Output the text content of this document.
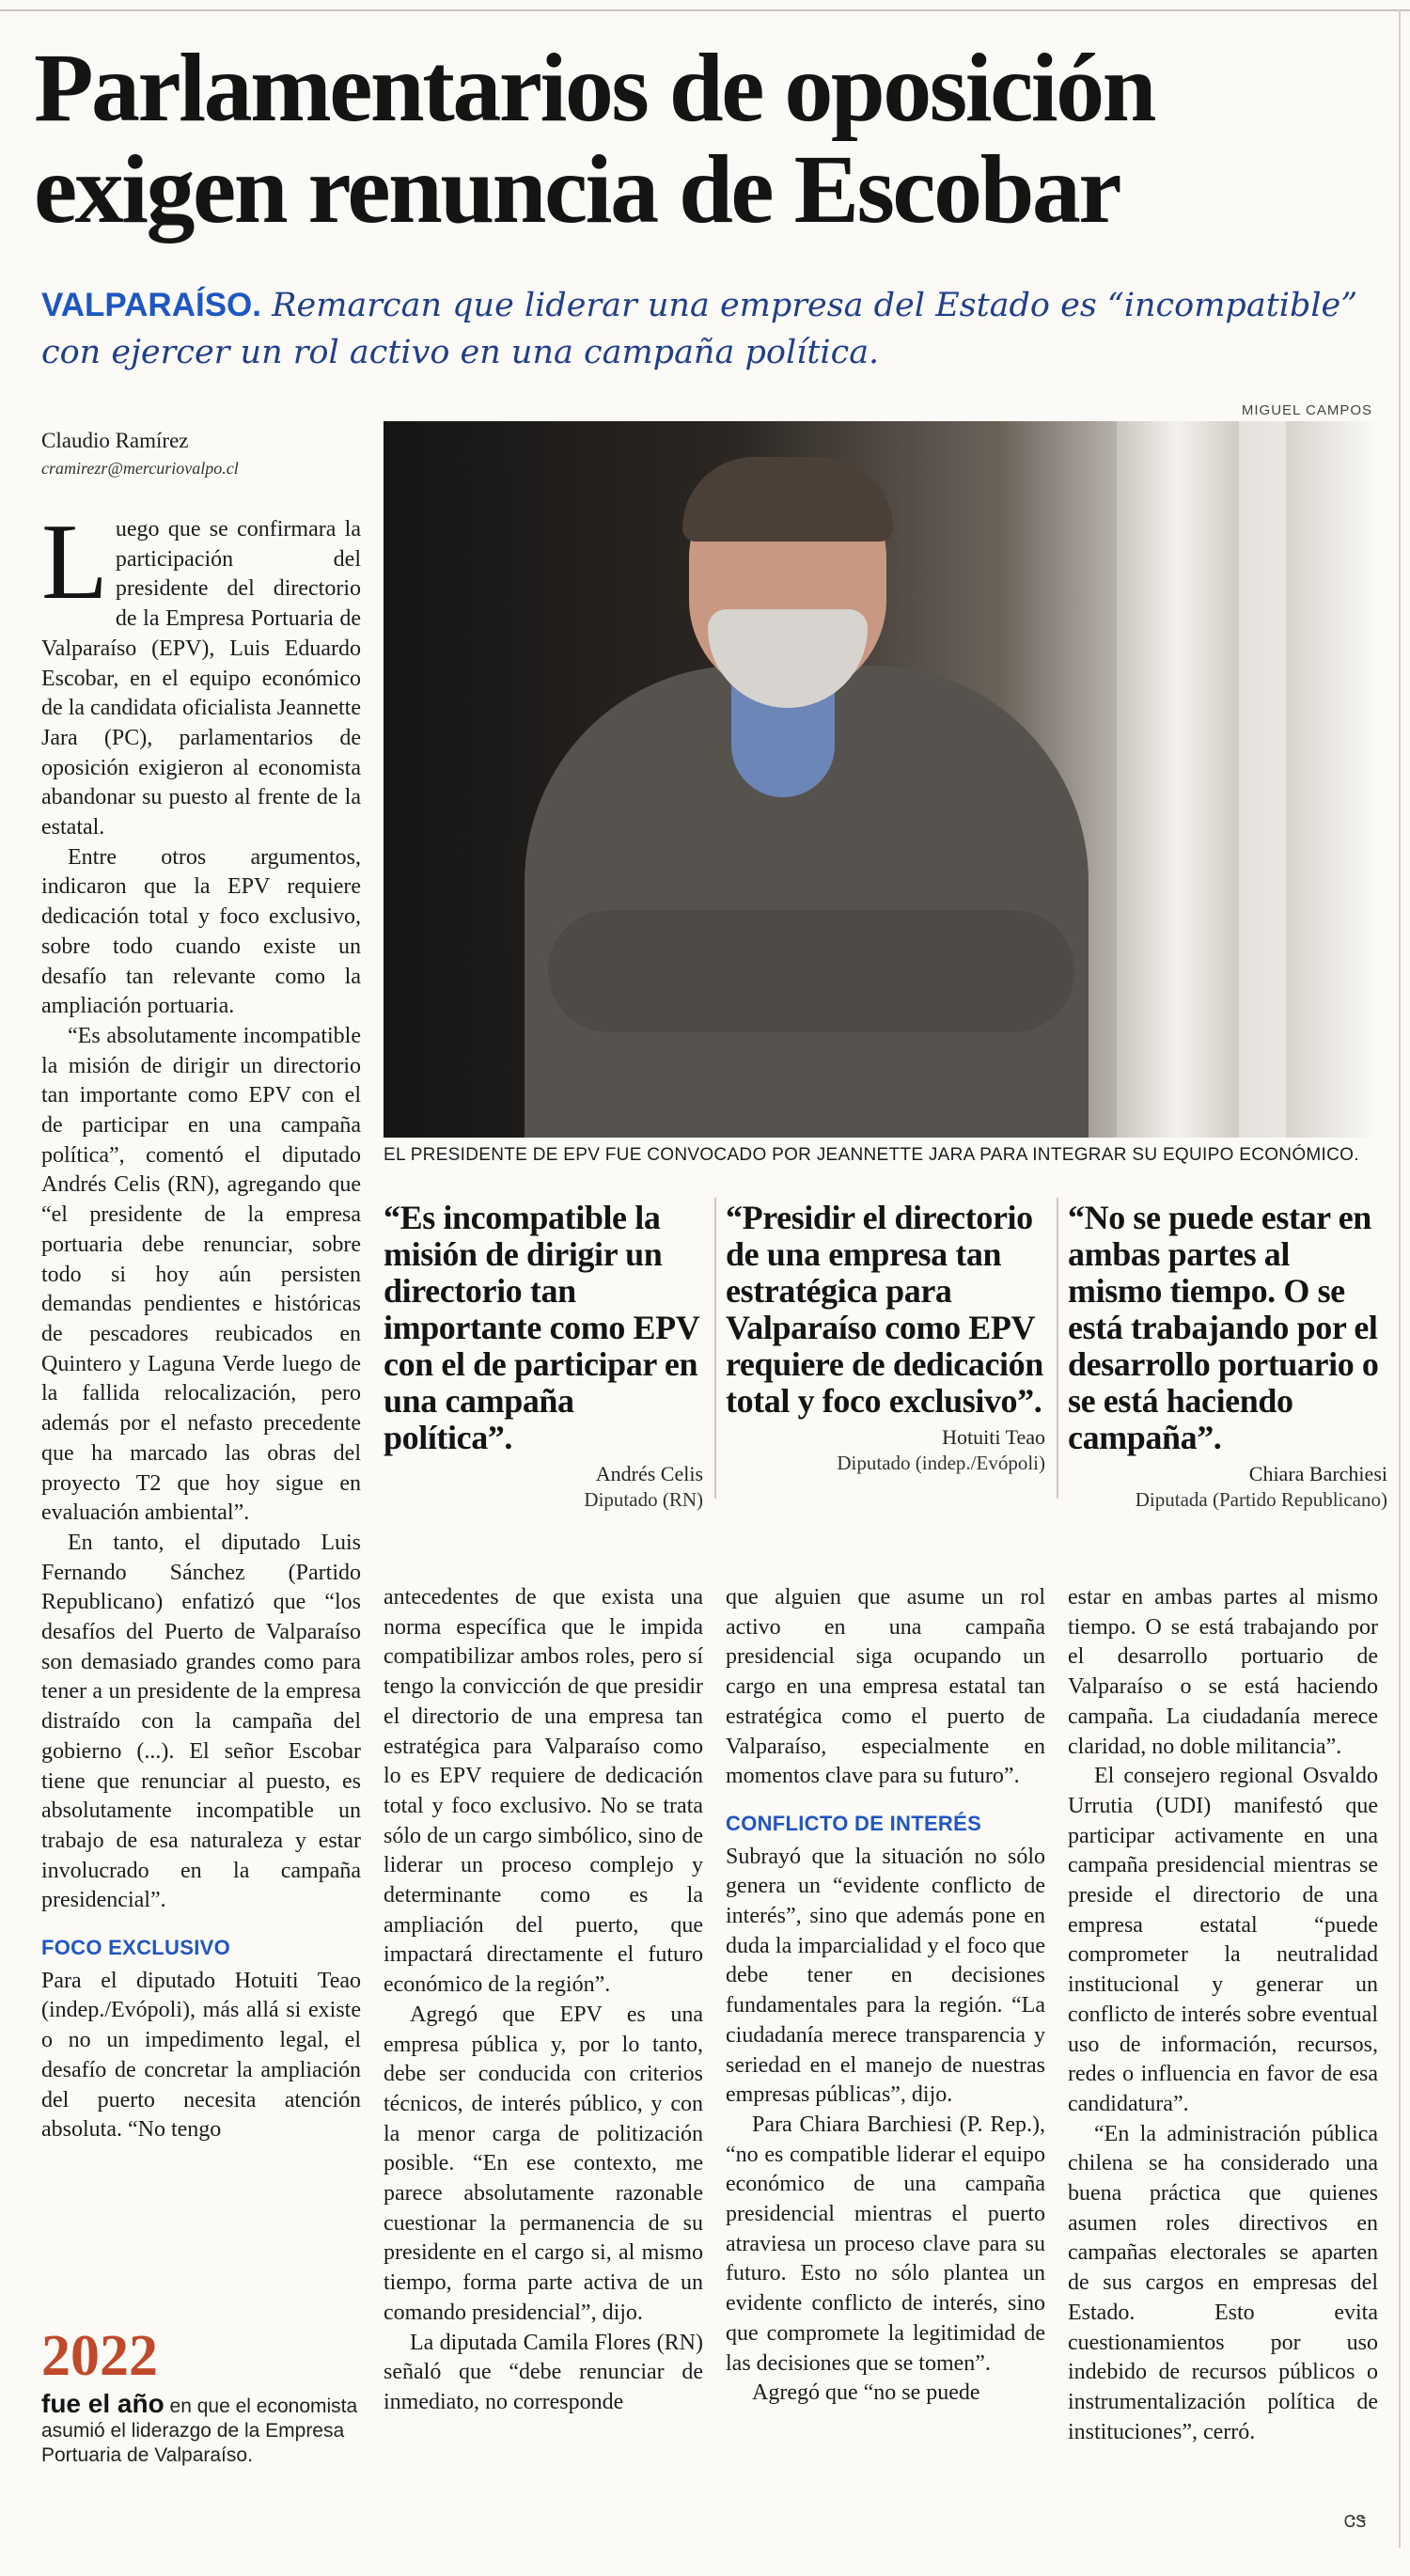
Parlamentarios de oposición exigen renuncia de Escobar
VALPARAÍSO. Remarcan que liderar una empresa del Estado es “incompatible” con ejercer un rol activo en una campaña política.
Claudio Ramírez
cramirezr@mercuriovalpo.cl
MIGUEL CAMPOS
EL PRESIDENTE DE EPV FUE CONVOCADO POR JEANNETTE JARA PARA INTEGRAR SU EQUIPO ECONÓMICO.

Luego que se confirmara la participación del presidente del directorio de la Empresa Portuaria de Valparaíso (EPV), Luis Eduardo Escobar, en el equipo económico de la candidata oficialista Jeannette Jara (PC), parlamentarios de oposición exigieron al economista abandonar su puesto al frente de la estatal.

Entre otros argumentos, indicaron que la EPV requiere dedicación total y foco exclusivo, sobre todo cuando existe un desafío tan relevante como la ampliación portuaria.

“Es absolutamente incompatible la misión de dirigir un directorio tan importante como EPV con el de participar en una campaña política”, comentó el diputado Andrés Celis (RN), agregando que “el presidente de la empresa portuaria debe renunciar, sobre todo si hoy aún persisten demandas pendientes e históricas de pescadores reubicados en Quintero y Laguna Verde luego de la fallida relocalización, pero además por el nefasto precedente que ha marcado las obras del proyecto T2 que hoy sigue en evaluación ambiental”.

En tanto, el diputado Luis Fernando Sánchez (Partido Republicano) enfatizó que “los desafíos del Puerto de Valparaíso son demasiado grandes como para tener a un presidente de la empresa distraído con la campaña del gobierno (...). El señor Escobar tiene que renunciar al puesto, es absolutamente incompatible un trabajo de esa naturaleza y estar involucrado en la campaña presidencial”.

FOCO EXCLUSIVO

Para el diputado Hotuiti Teao (indep./Evópoli), más allá si existe o no un impedimento legal, el desafío de concretar la ampliación del puerto necesita atención absoluta. “No tengo

“Es incompatible la misión de dirigir un directorio tan importante como EPV con el de participar en una campaña política”.
Andrés Celis
Diputado (RN)
“Presidir el directorio de una empresa tan estratégica para Valparaíso como EPV requiere de dedicación total y foco exclusivo”.
Hotuiti Teao
Diputado (indep./Evópoli)
“No se puede estar en ambas partes al mismo tiempo. O se está trabajando por el desarrollo portuario o se está haciendo campaña”.
Chiara Barchiesi
Diputada (Partido Republicano)

antecedentes de que exista una norma específica que le impida compatibilizar ambos roles, pero sí tengo la convicción de que presidir el directorio de una empresa tan estratégica para Valparaíso como lo es EPV requiere de dedicación total y foco exclusivo. No se trata sólo de un cargo simbólico, sino de liderar un proceso complejo y determinante como es la ampliación del puerto, que impactará directamente el futuro económico de la región”.

Agregó que EPV es una empresa pública y, por lo tanto, debe ser conducida con criterios técnicos, de interés público, y con la menor carga de politización posible. “En ese contexto, me parece absolutamente razonable cuestionar la permanencia de su presidente en el cargo si, al mismo tiempo, forma parte activa de un comando presidencial”, dijo.

La diputada Camila Flores (RN) señaló que “debe renunciar de inmediato, no corresponde

que alguien que asume un rol activo en una campaña presidencial siga ocupando un cargo en una empresa estatal tan estratégica como el puerto de Valparaíso, especialmente en momentos clave para su futuro”.

CONFLICTO DE INTERÉS

Subrayó que la situación no sólo genera un “evidente conflicto de interés”, sino que además pone en duda la imparcialidad y el foco que debe tener en decisiones fundamentales para la región. “La ciudadanía merece transparencia y seriedad en el manejo de nuestras empresas públicas”, dijo.

Para Chiara Barchiesi (P. Rep.), “no es compatible liderar el equipo económico de una campaña presidencial mientras el puerto atraviesa un proceso clave para su futuro. Esto no sólo plantea un evidente conflicto de interés, sino que compromete la legitimidad de las decisiones que se tomen”.

Agregó que “no se puede

estar en ambas partes al mismo tiempo. O se está trabajando por el desarrollo portuario de Valparaíso o se está haciendo campaña. La ciudadanía merece claridad, no doble militancia”.

El consejero regional Osvaldo Urrutia (UDI) manifestó que participar activamente en una campaña presidencial mientras se preside el directorio de una empresa estatal “puede comprometer la neutralidad institucional y generar un conflicto de interés sobre eventual uso de información, recursos, redes o influencia en favor de esa candidatura”.

“En la administración pública chilena se ha considerado una buena práctica que quienes asumen roles directivos en campañas electorales se aparten de sus cargos en empresas del Estado. Esto evita cuestionamientos por uso indebido de recursos públicos o instrumentalización política de instituciones”, cerró.

ᏣᏕ
2022
fue el año en que el economista asumió el liderazgo de la Empresa Portuaria de Valparaíso.
